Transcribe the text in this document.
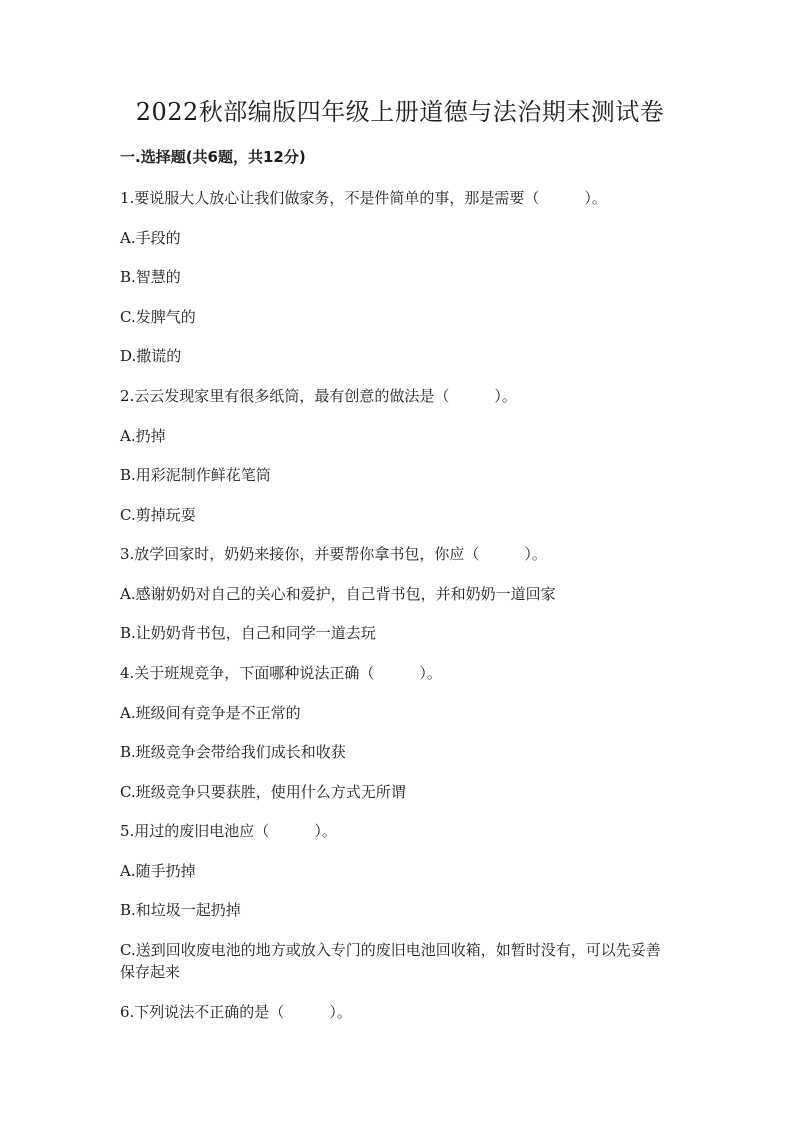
2022秋部编版四年级上册道德与法治期末测试卷

一.选择题(共6题，共12分)

1.要说服大人放心让我们做家务，不是件简单的事，那是需要（　　　）。

A.手段的

B.智慧的

C.发脾气的

D.撒谎的

2.云云发现家里有很多纸筒，最有创意的做法是（　　　）。

A.扔掉

B.用彩泥制作鲜花笔筒

C.剪掉玩耍

3.放学回家时，奶奶来接你，并要帮你拿书包，你应（　　　）。

A.感谢奶奶对自己的关心和爱护，自己背书包，并和奶奶一道回家

B.让奶奶背书包，自己和同学一道去玩

4.关于班规竞争，下面哪种说法正确（　　　）。

A.班级间有竞争是不正常的

B.班级竞争会带给我们成长和收获

C.班级竞争只要获胜，使用什么方式无所谓

5.用过的废旧电池应（　　　）。

A.随手扔掉

B.和垃圾一起扔掉

C.送到回收废电池的地方或放入专门的废旧电池回收箱，如暂时没有，可以先妥善保存起来

6.下列说法不正确的是（　　　）。
